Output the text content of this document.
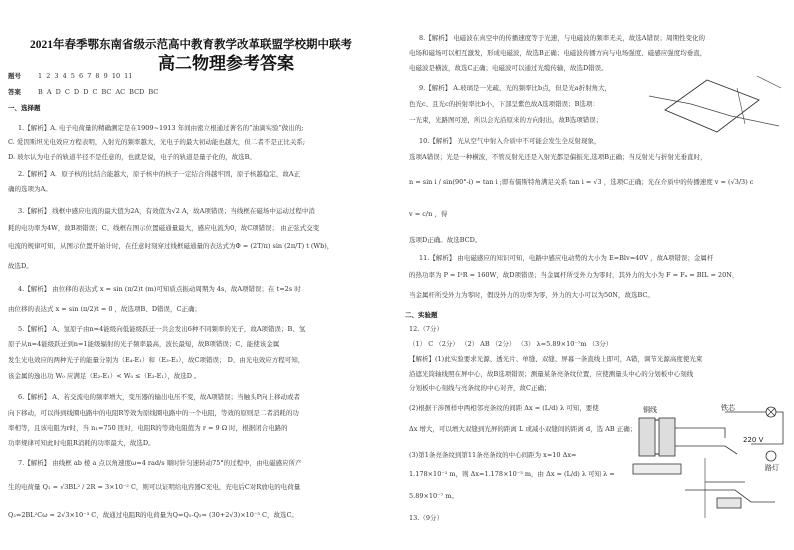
2021年春季鄂东南省级示范高中教育教学改革联盟学校期中联考
高二物理参考答案
题号	1 2 3 4 5 6 7 8 9 10 11
答案	B A D C D D C BC AC BCD BC
一、选择题
1.【解析】A. 电子电荷量的精确测定是在1909~1913 年间由密立根通过著名的“油滴实验”做出的;
C. 爱因斯坦光电效应方程表明，入射光的频率越大，光电子的最大初动能也越大，但二者不是正比关系;
D. 玻尔认为电子的轨道半径不是任意的，也就是说，电子的轨道是量子化的，故选B。
2.【解析】A．原子核的比结合能越大，原子核中的核子一定结合得越牢固，原子核越稳定，故A正
确的选项为A。
3.【解析】 线框中感应电流的最大值为2A，有效值为√2 A，故A项错误；当线框在磁场中运动过程中消
耗的电功率为4W，故B项错误；C、线框在图示位置磁通量最大，感应电流为0，故C项错误； 由正弦式交变
电流的规律可知，从图示位置开始计时，在任意时刻穿过线框磁通量的表达式为Φ = (2T/π) sin (2π/T) t (Wb)，
故选D。
4.【解析】 由位移的表达式 x = sin (π/2)t (m)可知质点振动周期为 4s，故A项错误；在 t=2s 时
由位移的表达式 x = sin (π/2)t = 0 ，故选项B、D错误，C正确；
5.【解析】 A、氢原子由n=4能级向低能级跃迁一共会发出6种不同频率的光子，故A项错误；B、氢
原子从n=4能级跃迁到n=1能级辐射的光子频率最高，波长最短，故B项错误；C、能使该金属
发生光电效应的两种光子的能量分别为（E₄-E₁）和（E₃-E₁），故C项错误； D、由光电效应方程可知，
该金属的逸出功 W₀ 应满足（E₂-E₁）< W₀ ≤（E₃-E₁），故选D 。
6.【解析】 A、若交流电的频率增大，变压器的输出电压不变，故A项错误；当触头P向上移动或者
向下移动，可以得到线圈电路中的电阻R等效为原线圈电路中的一个电阻，等效的原则是二者消耗的功
率相等，且该电阻为r时，当 n₁=750 匝时，电阻R的等效电阻值为 r = 9 Ω 时，根据闭合电路的
功率规律可知此时电阻R消耗的功率最大，故选D。
7.【解析】 由线框 ab 棱 a 点以角速度ω=4 rad/s 顺时针匀速转动75°的过程中，由电磁感应所产
生的电荷量 Q₁ = √3BL² / 2R = 3×10⁻² C，则可以证明给电容器C充电，充电后C对R放电的电荷量
Q₂=2BL²Cω = 2√3×10⁻³ C，故通过电阻R的电荷量为Q=Q₁-Q₂= (30+2√3)×10⁻³ C，故选C。
8.【解析】 电磁波在真空中的传播速度等于光速，与电磁波的频率无关，故选A错误；周期性变化的
电场和磁场可以相互激发，形成电磁波，故选B正确；电磁波传播方向与电场强度、磁感应强度均垂直，
电磁波是横波，故选C正确；电磁波可以通过光缆传输，故选D错误。
9.【解析】 A.玻璃是一光疏，光的频率比b点，但是光a折射角大，
色光c、且光c的折射率比b小，下部呈紫色故A选项错误；B选项：
一光束，光路图可逆，所以会光沿原来的方向射出，故B选项错误；
10.【解析】 光从空气中射入介质中不可能会发生全反射现象，
选项A错误；光是一种横波，不管反射光还是入射光都是偏振光,选项B正确；当反射光与折射光垂直时，
n = sin i / sin(90°-i) = tan i ;即布儒斯特角满足关系 tan i = √3 ，选项C正确；光在介质中的传播速度 v = (√3/3) c
v = c/n ，得
选项D正确。故选BCD。
11.【解析】 由电磁感应的知识可知，电路中感应电动势的大小为 E=Blv=40V ，故A项错误；金属杆
的热功率为 P = I²R = 160W，故D项错误；当金属杆所受外力为零时，其外力的大小为 F = Fₐ = BIL = 20N，
当金属杆所受外力为零时，假设外力的功率为零，外力的大小可以为50N，故选BC。
二、实验题
12.（7分）
（1） C （2分） （2） AB （2分） （3） λ=5.89×10⁻⁷m （3分）
【解析】(1)此实验要求光源、透光片、单缝、双缝、屏幕一条直线上即可，A错，调节光源高度使光束
沿遮光筒轴线照在屏中心，故B选项错误；测量某条亮条纹位置，应使测量头中心的分划板中心刻线
分划板中心刻线与亮条纹的中心对齐，故C正确；
(2)根据干涉图样中两相邻亮条纹的间距 Δx = (L/d) λ 可知，要使
Δx 增大，可以增大双缝到光屏的距离 L 或减小双缝间的距离 d，选 AB 正确；
(3)第1条亮条纹到第11条亮条纹的中心间距为 x=10 Δx=
1.178×10⁻² m，则 Δx=1.178×10⁻³ m，由 Δx = (L/d) λ 可知 λ =
5.89×10⁻⁷ m。
13.（9分）
铜线	铁芯
220 V
路灯
